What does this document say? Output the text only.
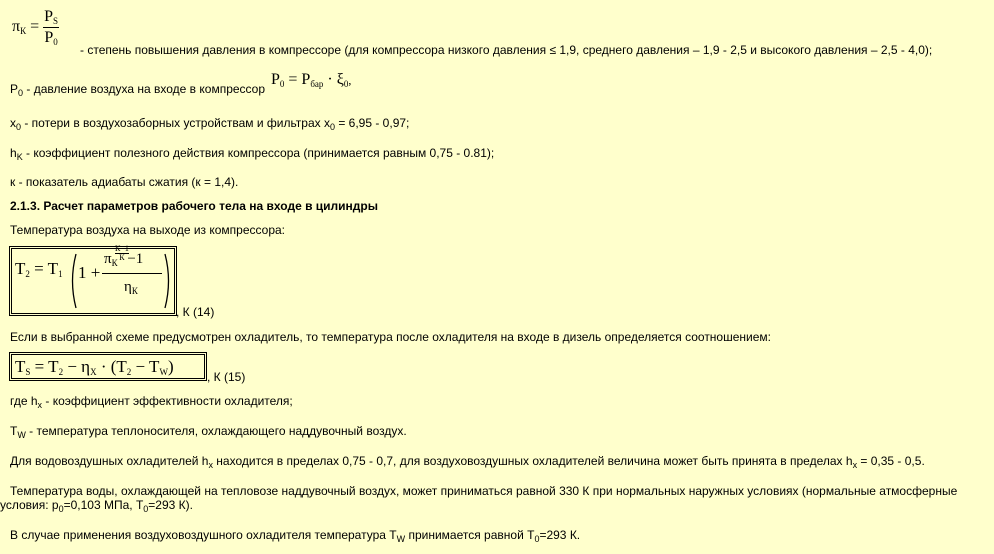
$\pi_К = \frac{P_S}{P_0}$
- степень повышения давления в компрессоре (для компрессора низкого давления ≤ 1,9, среднего давления – 1,9 - 2,5 и высокого давления – 2,5 - 4,0);
$P_0$ - давление воздуха на входе в компрессор
$P_0 = P_{бар} \cdot \xi_0$,
$x_0$ - потери в воздухозаборных устройствам и фильтрах $x_0 = 6,95 - 0,97$;
$h_K$ - коэффициент полезного действия компрессора (принимается равным 0,75 - 0.81);
к - показатель адиабаты сжатия (к = 1,4).
2.1.3. Расчет параметров рабочего тела на входе в цилиндры
Температура воздуха на выходе из компрессора:
$T_2 = T_1$ 1 +
$\pi_К$
К−1
К −1
$\eta_К$
, К (14)
Если в выбранной схеме предусмотрен охладитель, то температура после охладителя на входе в дизель определяется соотношением:
$T_S = T_2 - \eta_X \cdot (T_2 - T_W)$
, К (15)
где $h_x$ - коэффициент эффективности охладителя;
$T_W$ - температура теплоносителя, охлаждающего наддувочный воздух.
Для водовоздушных охладителей $h_x$ находится в пределах 0,75 - 0,7, для воздуховоздушных охладителей величина может быть принята в пределах $h_x = 0,35 - 0,5$.
Температура воды, охлаждающей на тепловозе наддувочный воздух, может приниматься равной 330 К при нормальных наружных условиях (нормальные атмосферные
условия: $p_0=0,103$ МПа, $T_0=293$ К).
В случае применения воздуховоздушного охладителя температура $T_W$ принимается равной $T_0=293$ К.
